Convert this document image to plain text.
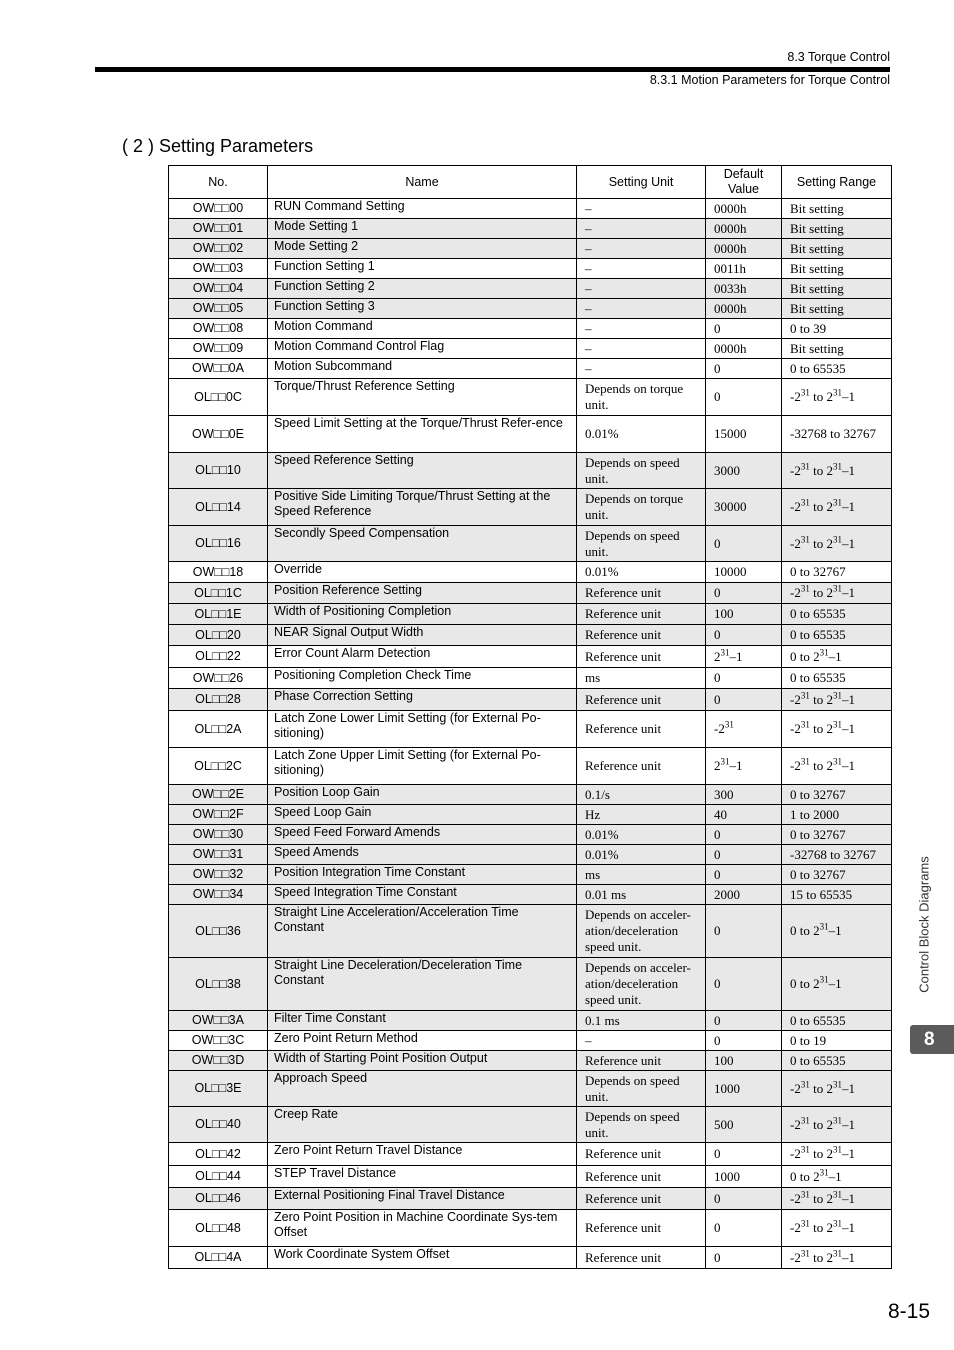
8.3 Torque Control
8.3.1 Motion Parameters for Torque Control
( 2 ) Setting Parameters
No.	Name	Setting Unit	Default Value	Setting Range
OW□□00	RUN Command Setting	–	0000h	Bit setting
OW□□01	Mode Setting 1	–	0000h	Bit setting
OW□□02	Mode Setting 2	–	0000h	Bit setting
OW□□03	Function Setting 1	–	0011h	Bit setting
OW□□04	Function Setting 2	–	0033h	Bit setting
OW□□05	Function Setting 3	–	0000h	Bit setting
OW□□08	Motion Command	–	0	0 to 39
OW□□09	Motion Command Control Flag	–	0000h	Bit setting
OW□□0A	Motion Subcommand	–	0	0 to 65535
OL□□0C	Torque/Thrust Reference Setting	Depends on torque unit.	0	$-2^{31}$ to $2^{31}-1$
OW□□0E	Speed Limit Setting at the Torque/Thrust Refer-ence	0.01%	15000	-32768 to 32767
OL□□10	Speed Reference Setting	Depends on speed unit.	3000	$-2^{31}$ to $2^{31}-1$
OL□□14	Positive Side Limiting Torque/Thrust Setting at the Speed Reference	Depends on torque unit.	30000	$-2^{31}$ to $2^{31}-1$
OL□□16	Secondly Speed Compensation	Depends on speed unit.	0	$-2^{31}$ to $2^{31}-1$
OW□□18	Override	0.01%	10000	0 to 32767
OL□□1C	Position Reference Setting	Reference unit	0	$-2^{31}$ to $2^{31}-1$
OL□□1E	Width of Positioning Completion	Reference unit	100	0 to 65535
OL□□20	NEAR Signal Output Width	Reference unit	0	0 to 65535
OL□□22	Error Count Alarm Detection	Reference unit	$2^{31}-1$	0 to $2^{31}-1$
OW□□26	Positioning Completion Check Time	ms	0	0 to 65535
OL□□28	Phase Correction Setting	Reference unit	0	$-2^{31}$ to $2^{31}-1$
OL□□2A	Latch Zone Lower Limit Setting (for External Po-sitioning)	Reference unit	$-2^{31}$	$-2^{31}$ to $2^{31}-1$
OL□□2C	Latch Zone Upper Limit Setting (for External Po-sitioning)	Reference unit	$2^{31}-1$	$-2^{31}$ to $2^{31}-1$
OW□□2E	Position Loop Gain	0.1/s	300	0 to 32767
OW□□2F	Speed Loop Gain	Hz	40	1 to 2000
OW□□30	Speed Feed Forward Amends	0.01%	0	0 to 32767
OW□□31	Speed Amends	0.01%	0	-32768 to 32767
OW□□32	Position Integration Time Constant	ms	0	0 to 32767
OW□□34	Speed Integration Time Constant	0.01 ms	2000	15 to 65535
OL□□36	Straight Line Acceleration/Acceleration Time Constant	Depends on acceler-ation/deceleration speed unit.	0	0 to $2^{31}-1$
OL□□38	Straight Line Deceleration/Deceleration Time Constant	Depends on acceler-ation/deceleration speed unit.	0	0 to $2^{31}-1$
OW□□3A	Filter Time Constant	0.1 ms	0	0 to 65535
OW□□3C	Zero Point Return Method	–	0	0 to 19
OW□□3D	Width of Starting Point Position Output	Reference unit	100	0 to 65535
OL□□3E	Approach Speed	Depends on speed unit.	1000	$-2^{31}$ to $2^{31}-1$
OL□□40	Creep Rate	Depends on speed unit.	500	$-2^{31}$ to $2^{31}-1$
OL□□42	Zero Point Return Travel Distance	Reference unit	0	$-2^{31}$ to $2^{31}-1$
OL□□44	STEP Travel Distance	Reference unit	1000	0 to $2^{31}-1$
OL□□46	External Positioning Final Travel Distance	Reference unit	0	$-2^{31}$ to $2^{31}-1$
OL□□48	Zero Point Position in Machine Coordinate Sys-tem Offset	Reference unit	0	$-2^{31}$ to $2^{31}-1$
OL□□4A	Work Coordinate System Offset	Reference unit	0	$-2^{31}$ to $2^{31}-1$
Control Block Diagrams
8
8-15
